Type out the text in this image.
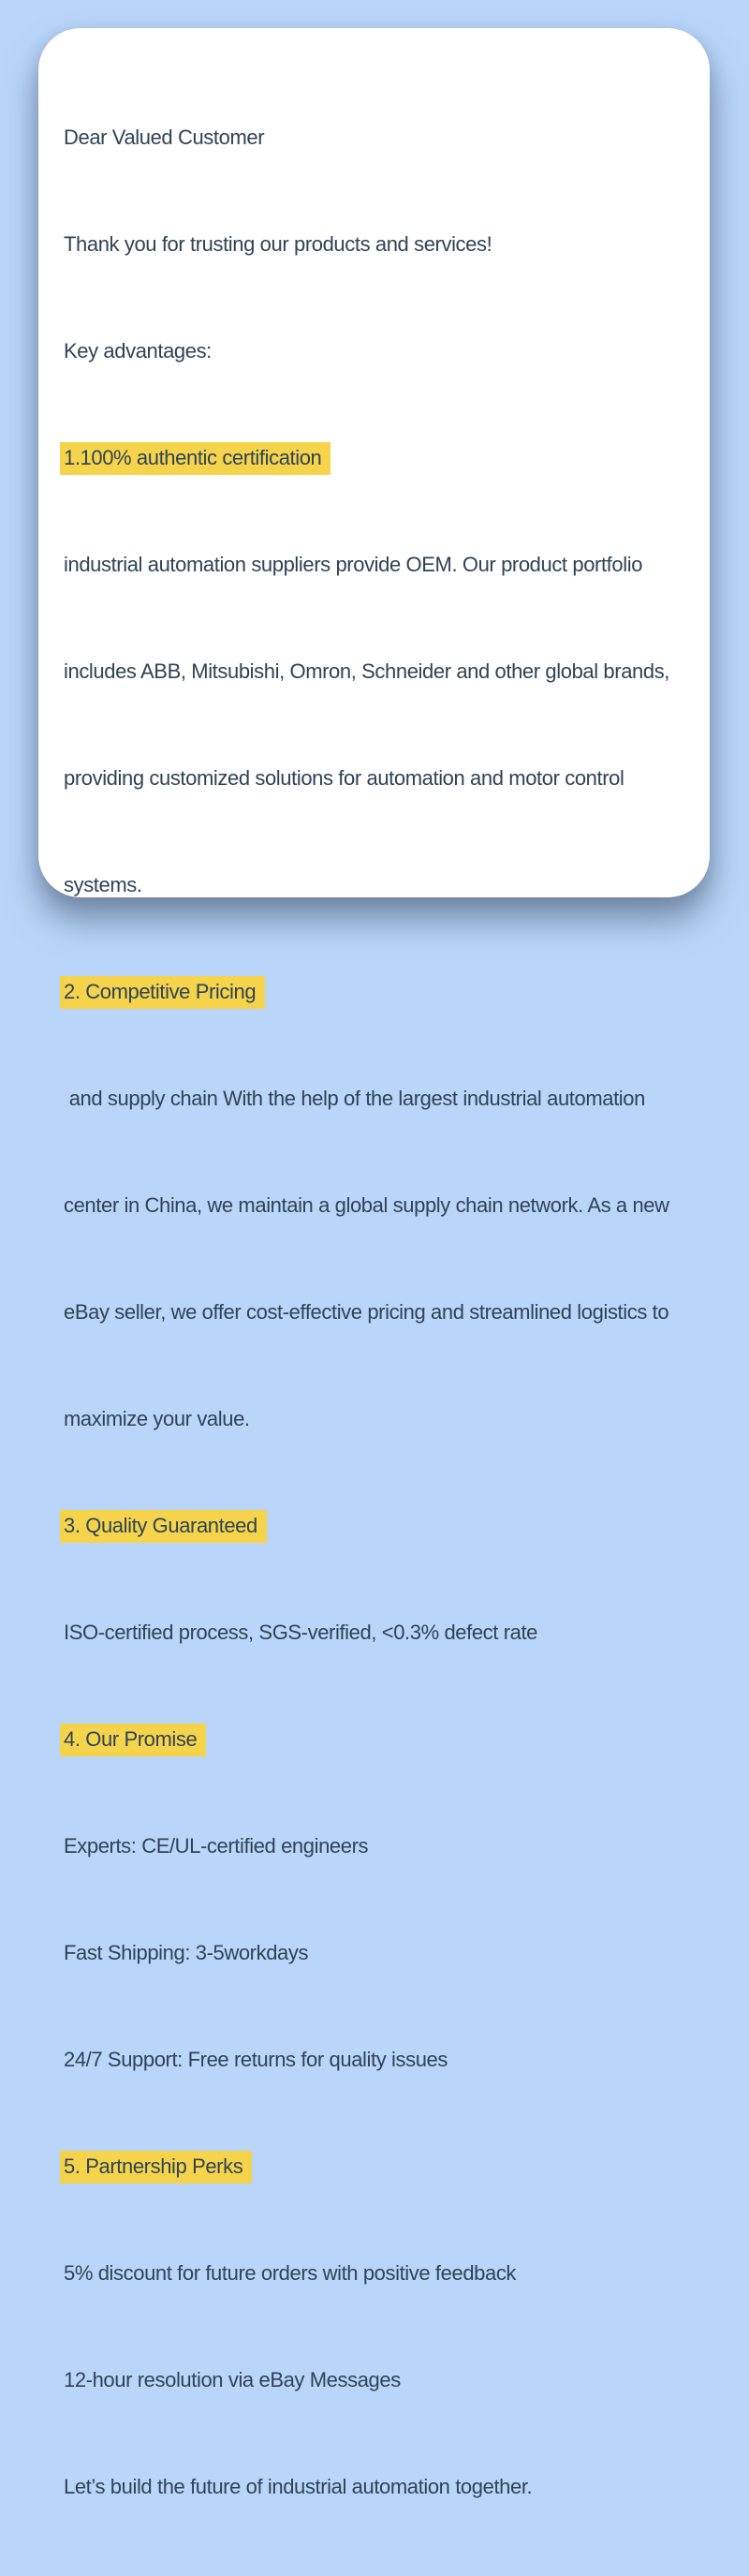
Dear Valued Customer

Thank you for trusting our products and services!

Key advantages:

1.100% authentic certification

industrial automation suppliers provide OEM. Our product portfolio

includes ABB, Mitsubishi, Omron, Schneider and other global brands,

providing customized solutions for automation and motor control

systems.

2. Competitive Pricing

and supply chain With the help of the largest industrial automation

center in China, we maintain a global supply chain network. As a new

eBay seller, we offer cost-effective pricing and streamlined logistics to

maximize your value.

3. Quality Guaranteed

ISO-certified process, SGS-verified, <0.3% defect rate

4. Our Promise

Experts: CE/UL-certified engineers

Fast Shipping: 3-5workdays

24/7 Support: Free returns for quality issues

5. Partnership Perks

5% discount for future orders with positive feedback

12-hour resolution via eBay Messages

Let’s build the future of industrial automation together.
